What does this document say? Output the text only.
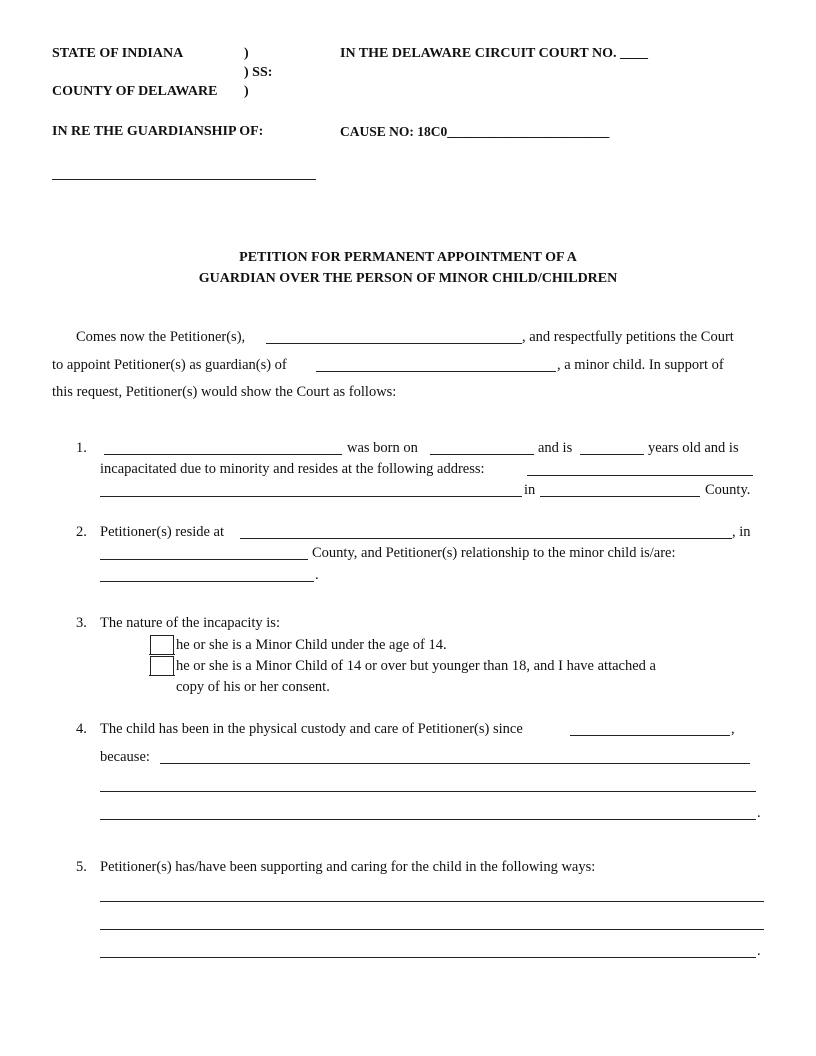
STATE OF INDIANA	)
) SS:
COUNTY OF DELAWARE )
IN THE DELAWARE CIRCUIT COURT NO. ____
IN RE THE GUARDIANSHIP OF:	CAUSE NO: 18C0________________________
PETITION FOR PERMANENT APPOINTMENT OF A
GUARDIAN OVER THE PERSON OF MINOR CHILD/CHILDREN
Comes now the Petitioner(s),	, and respectfully petitions the Court
to appoint Petitioner(s) as guardian(s) of	, a minor child. In support of
this request, Petitioner(s) would show the Court as follows:
1.	was born on	and is	years old and is
incapacitated due to minority and resides at the following address:
in	County.
2. Petitioner(s) reside at	, in
County, and Petitioner(s) relationship to the minor child is/are:
.
3. The nature of the incapacity is:
he or she is a Minor Child under the age of 14.
he or she is a Minor Child of 14 or over but younger than 18, and I have attached a
copy of his or her consent.
4. The child has been in the physical custody and care of Petitioner(s) since	,
because:
.
5. Petitioner(s) has/have been supporting and caring for the child in the following ways:
.
